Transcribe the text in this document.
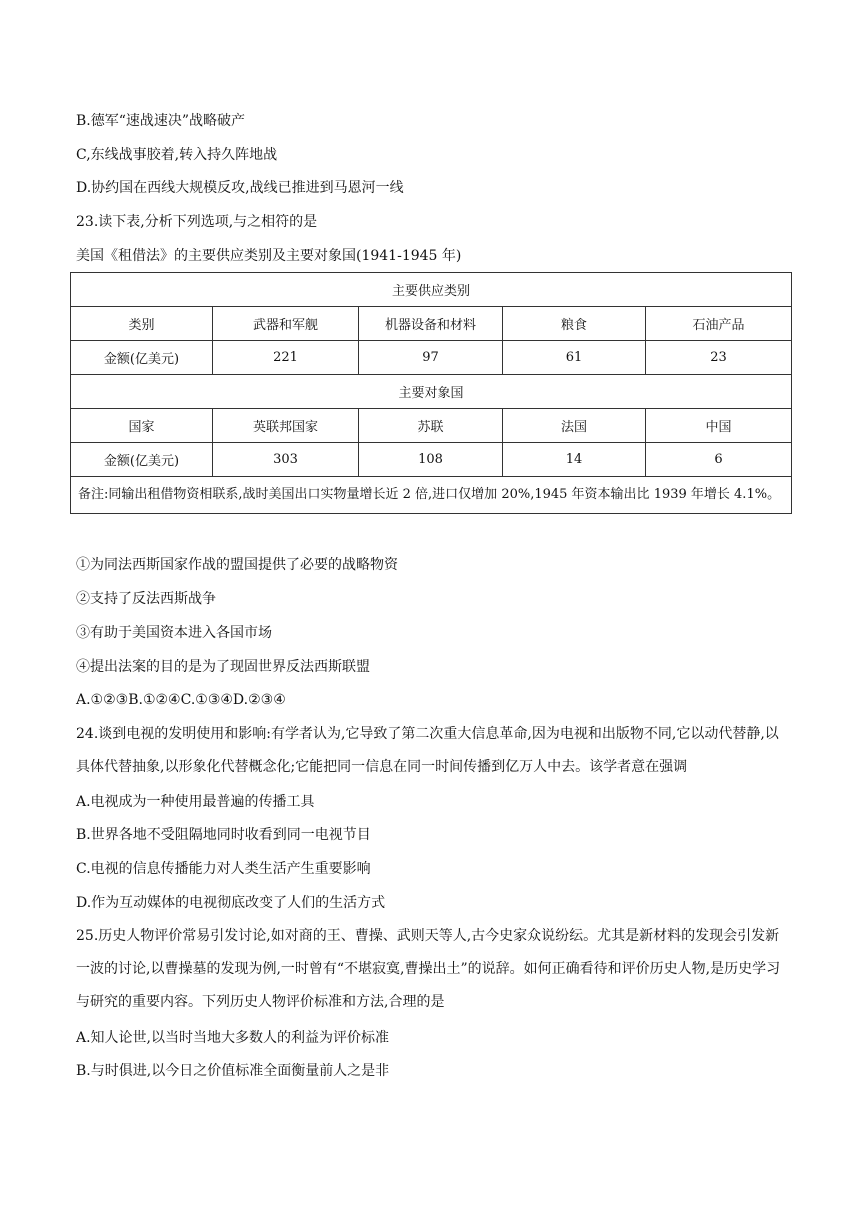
B.德军“速战速决”战略破产
C,东线战事胶着,转入持久阵地战
D.协约国在西线大规模反攻,战线已推进到马恩河一线
23.读下表,分析下列选项,与之相符的是
美国《租借法》的主要供应类别及主要对象国(1941-1945 年)
主要供应类别				
类别	武器和军舰	机器设备和材料	粮食	石油产品
金额(亿美元)	221	97	61	23
主要对象国				
国家	英联邦国家	苏联	法国	中国
金额(亿美元)	303	108	14	6
备注:同输出租借物资相联系,战时美国出口实物量增长近 2 倍,进口仅增加 20%,1945 年资本输出比 1939 年增长 4.1%。				
①为同法西斯国家作战的盟国提供了必要的战略物资
②支持了反法西斯战争
③有助于美国资本进入各国市场
④提出法案的目的是为了现固世界反法西斯联盟
A.①②③B.①②④C.①③④D.②③④
24.谈到电视的发明使用和影响:有学者认为,它导致了第二次重大信息革命,因为电视和出版物不同,它以动代替静,以具体代替抽象,以形象化代替概念化;它能把同一信息在同一时间传播到亿万人中去。该学者意在强调
A.电视成为一种使用最普遍的传播工具
B.世界各地不受阻隔地同时收看到同一电视节目
C.电视的信息传播能力对人类生活产生重要影响
D.作为互动媒体的电视彻底改变了人们的生活方式
25.历史人物评价常易引发讨论,如对商的王、曹操、武则天等人,古今史家众说纷纭。尤其是新材料的发现会引发新一波的讨论,以曹操墓的发现为例,一时曾有“不堪寂寞,曹操出土”的说辞。如何正确看待和评价历史人物,是历史学习与研究的重要内容。下列历史人物评价标准和方法,合理的是
A.知人论世,以当时当地大多数人的利益为评价标准
B.与时俱进,以今日之价值标准全面衡量前人之是非
